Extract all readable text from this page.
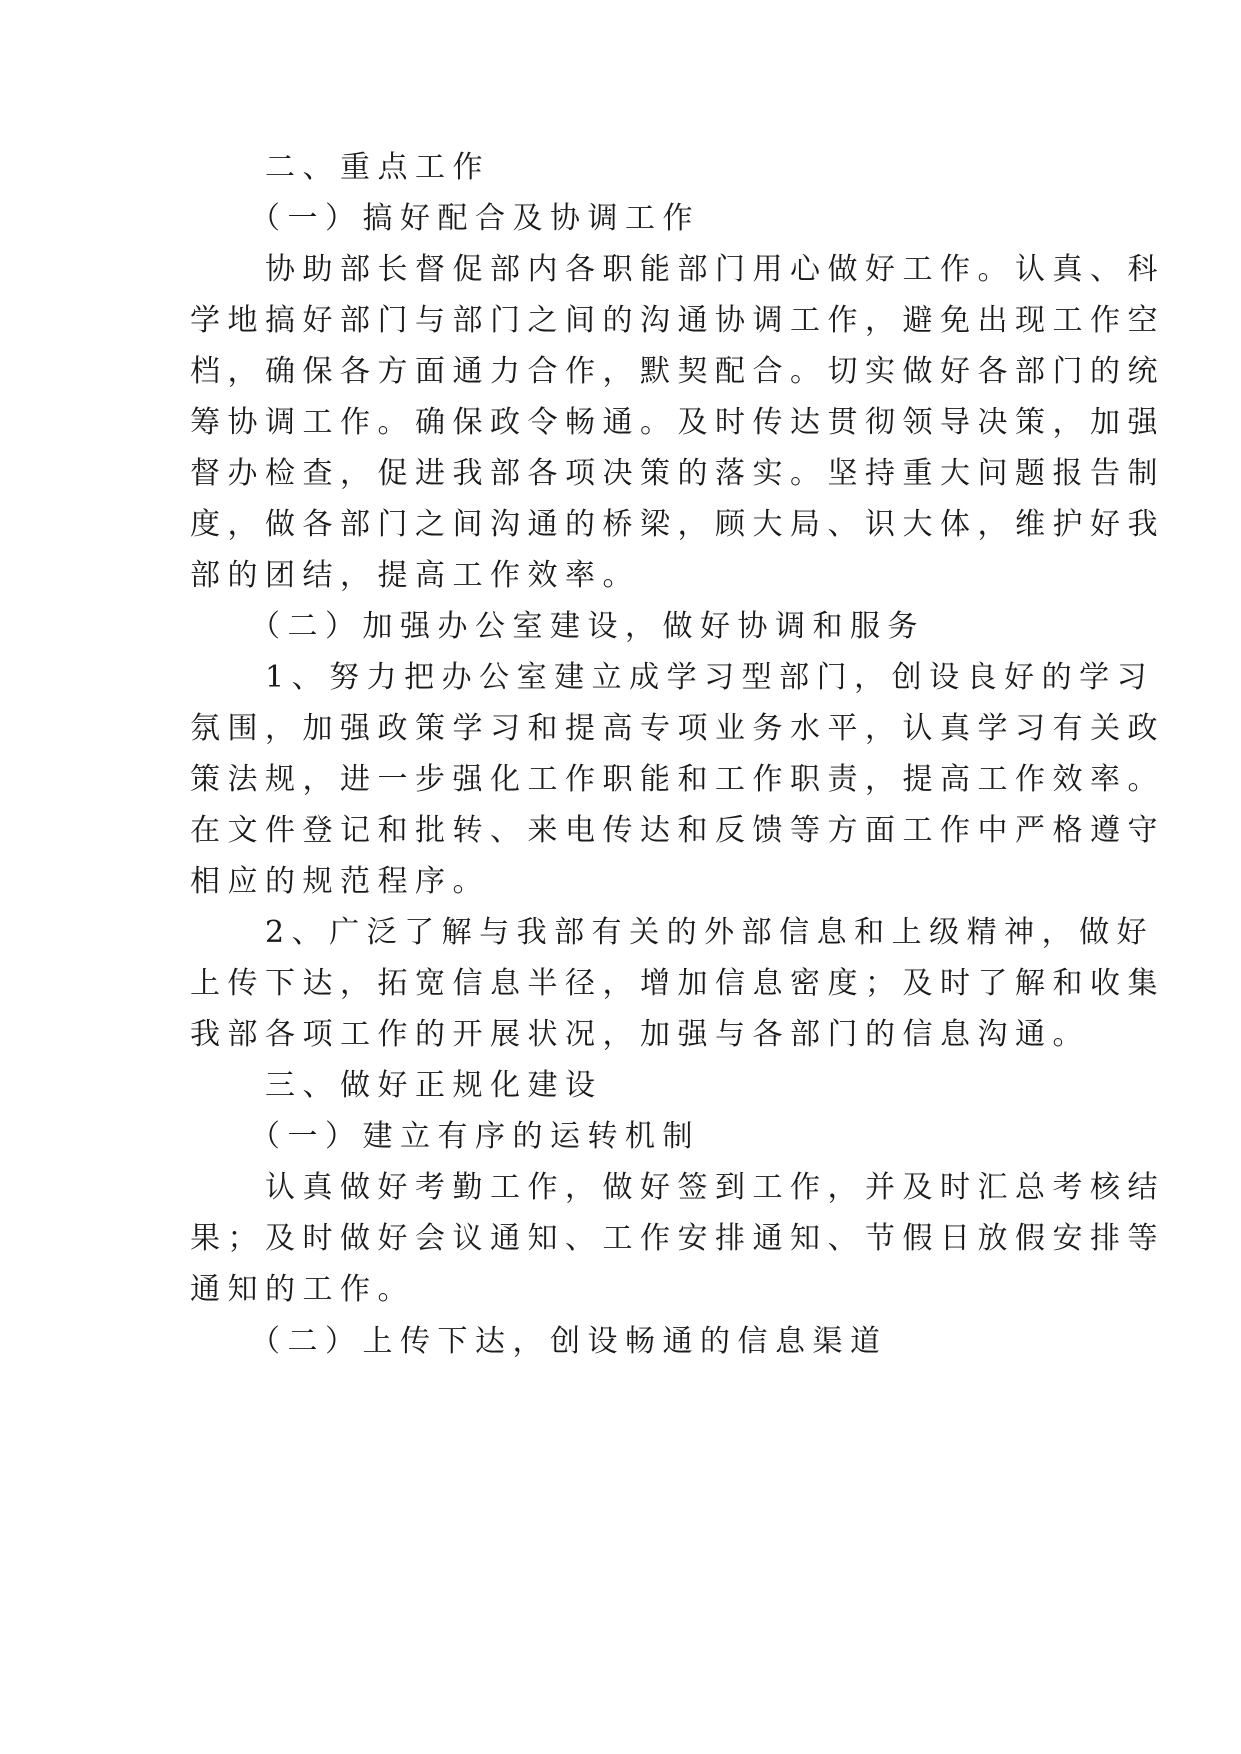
　　二、重点工作

　　（一）搞好配合及协调工作

　　协助部长督促部内各职能部门用心做好工作。认真、科

学地搞好部门与部门之间的沟通协调工作，避免出现工作空

档，确保各方面通力合作，默契配合。切实做好各部门的统

筹协调工作。确保政令畅通。及时传达贯彻领导决策，加强

督办检查，促进我部各项决策的落实。坚持重大问题报告制

度，做各部门之间沟通的桥梁，顾大局、识大体，维护好我

部的团结，提高工作效率。

　　（二）加强办公室建设，做好协调和服务

　　1、努力把办公室建立成学习型部门，创设良好的学习

氛围，加强政策学习和提高专项业务水平，认真学习有关政

策法规，进一步强化工作职能和工作职责，提高工作效率。

在文件登记和批转、来电传达和反馈等方面工作中严格遵守

相应的规范程序。

　　2、广泛了解与我部有关的外部信息和上级精神，做好

上传下达，拓宽信息半径，增加信息密度；及时了解和收集

我部各项工作的开展状况，加强与各部门的信息沟通。

　　三、做好正规化建设

　　（一）建立有序的运转机制

　　认真做好考勤工作，做好签到工作，并及时汇总考核结

果；及时做好会议通知、工作安排通知、节假日放假安排等

通知的工作。

　　（二）上传下达，创设畅通的信息渠道
